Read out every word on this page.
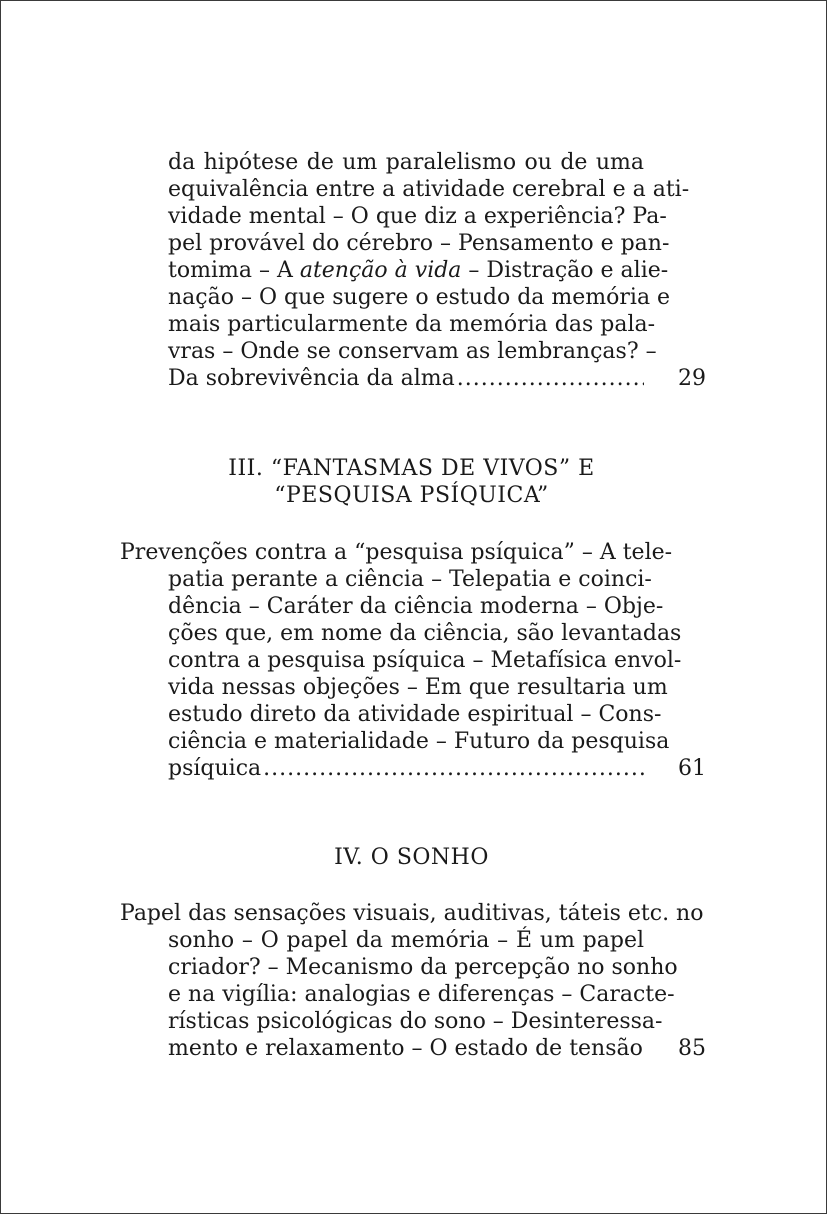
da hipótese de um paralelismo ou de uma
equivalência entre a atividade cerebral e a ati-
vidade mental – O que diz a experiência? Pa-
pel provável do cérebro – Pensamento e pan-
tomima – A atenção à vida – Distração e alie-
nação – O que sugere o estudo da memória e
mais particularmente da memória das pala-
vras – Onde se conservam as lembranças? –
Da sobrevivência da alma .....	29
III. “FANTASMAS DE VIVOS” E
“PESQUISA PSÍQUICA”
Prevenções contra a “pesquisa psíquica” – A tele-
patia perante a ciência – Telepatia e coinci-
dência – Caráter da ciência moderna – Obje-
ções que, em nome da ciência, são levantadas
contra a pesquisa psíquica – Metafísica envol-
vida nessas objeções – Em que resultaria um
estudo direto da atividade espiritual – Cons-
ciência e materialidade – Futuro da pesquisa
psíquica .....	61
IV. O SONHO
Papel das sensações visuais, auditivas, táteis etc. no
sonho – O papel da memória – É um papel
criador? – Mecanismo da percepção no sonho
e na vigília: analogias e diferenças – Caracte-
rísticas psicológicas do sono – Desinteressa-
mento e relaxamento – O estado de tensão	85
